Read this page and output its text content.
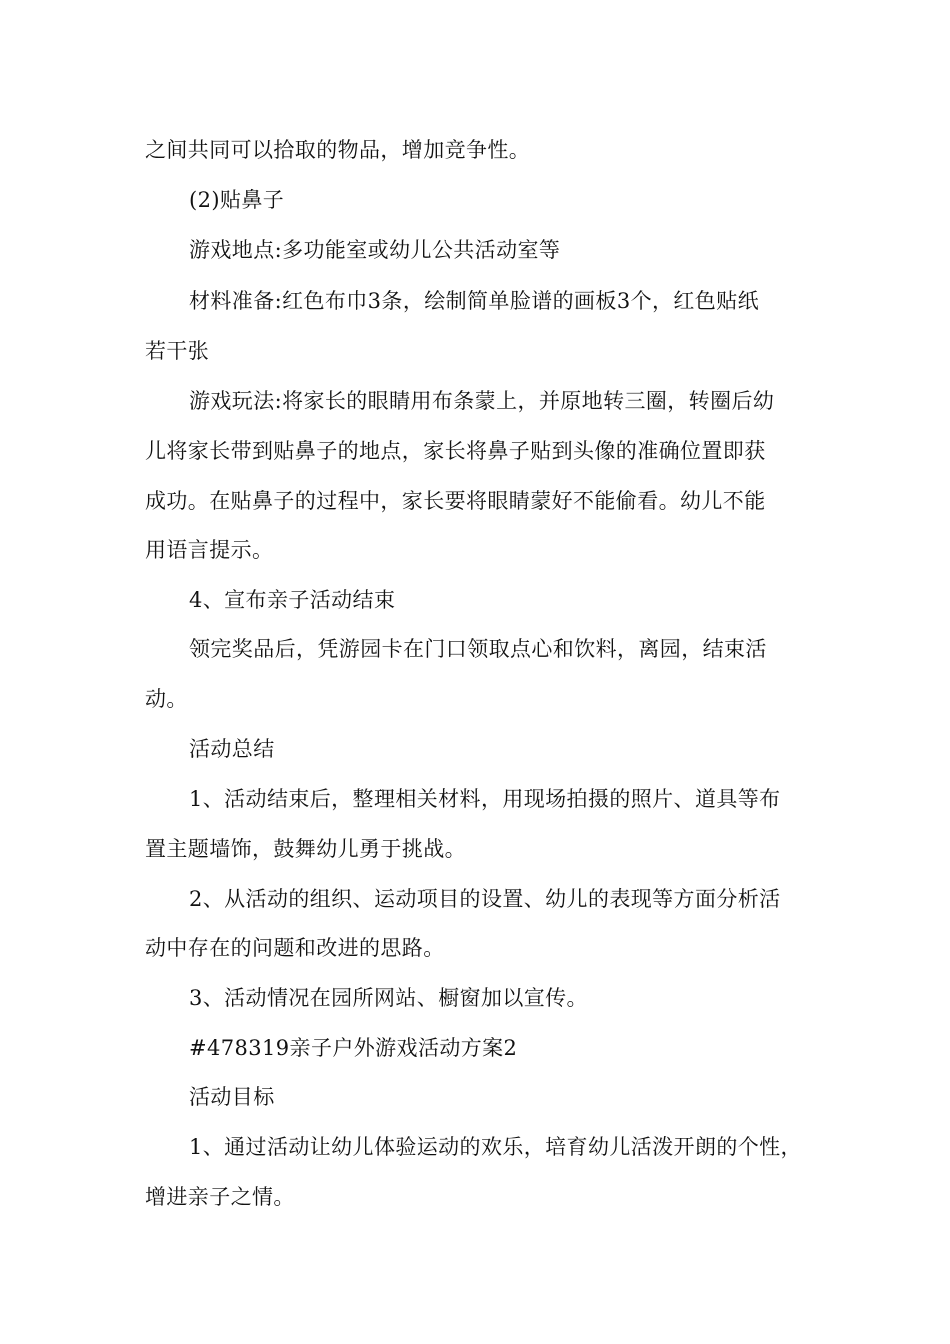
之间共同可以拾取的物品，增加竞争性。
(2)贴鼻子
游戏地点:多功能室或幼儿公共活动室等
材料准备:红色布巾3条，绘制简单脸谱的画板3个，红色贴纸
若干张
游戏玩法:将家长的眼睛用布条蒙上，并原地转三圈，转圈后幼
儿将家长带到贴鼻子的地点，家长将鼻子贴到头像的准确位置即获
成功。在贴鼻子的过程中，家长要将眼睛蒙好不能偷看。幼儿不能
用语言提示。
4、宣布亲子活动结束
领完奖品后，凭游园卡在门口领取点心和饮料，离园，结束活
动。
活动总结
1、活动结束后，整理相关材料，用现场拍摄的照片、道具等布
置主题墙饰，鼓舞幼儿勇于挑战。
2、从活动的组织、运动项目的设置、幼儿的表现等方面分析活
动中存在的问题和改进的思路。
3、活动情况在园所网站、橱窗加以宣传。
#478319亲子户外游戏活动方案2
活动目标
1、通过活动让幼儿体验运动的欢乐，培育幼儿活泼开朗的个性，
增进亲子之情。
